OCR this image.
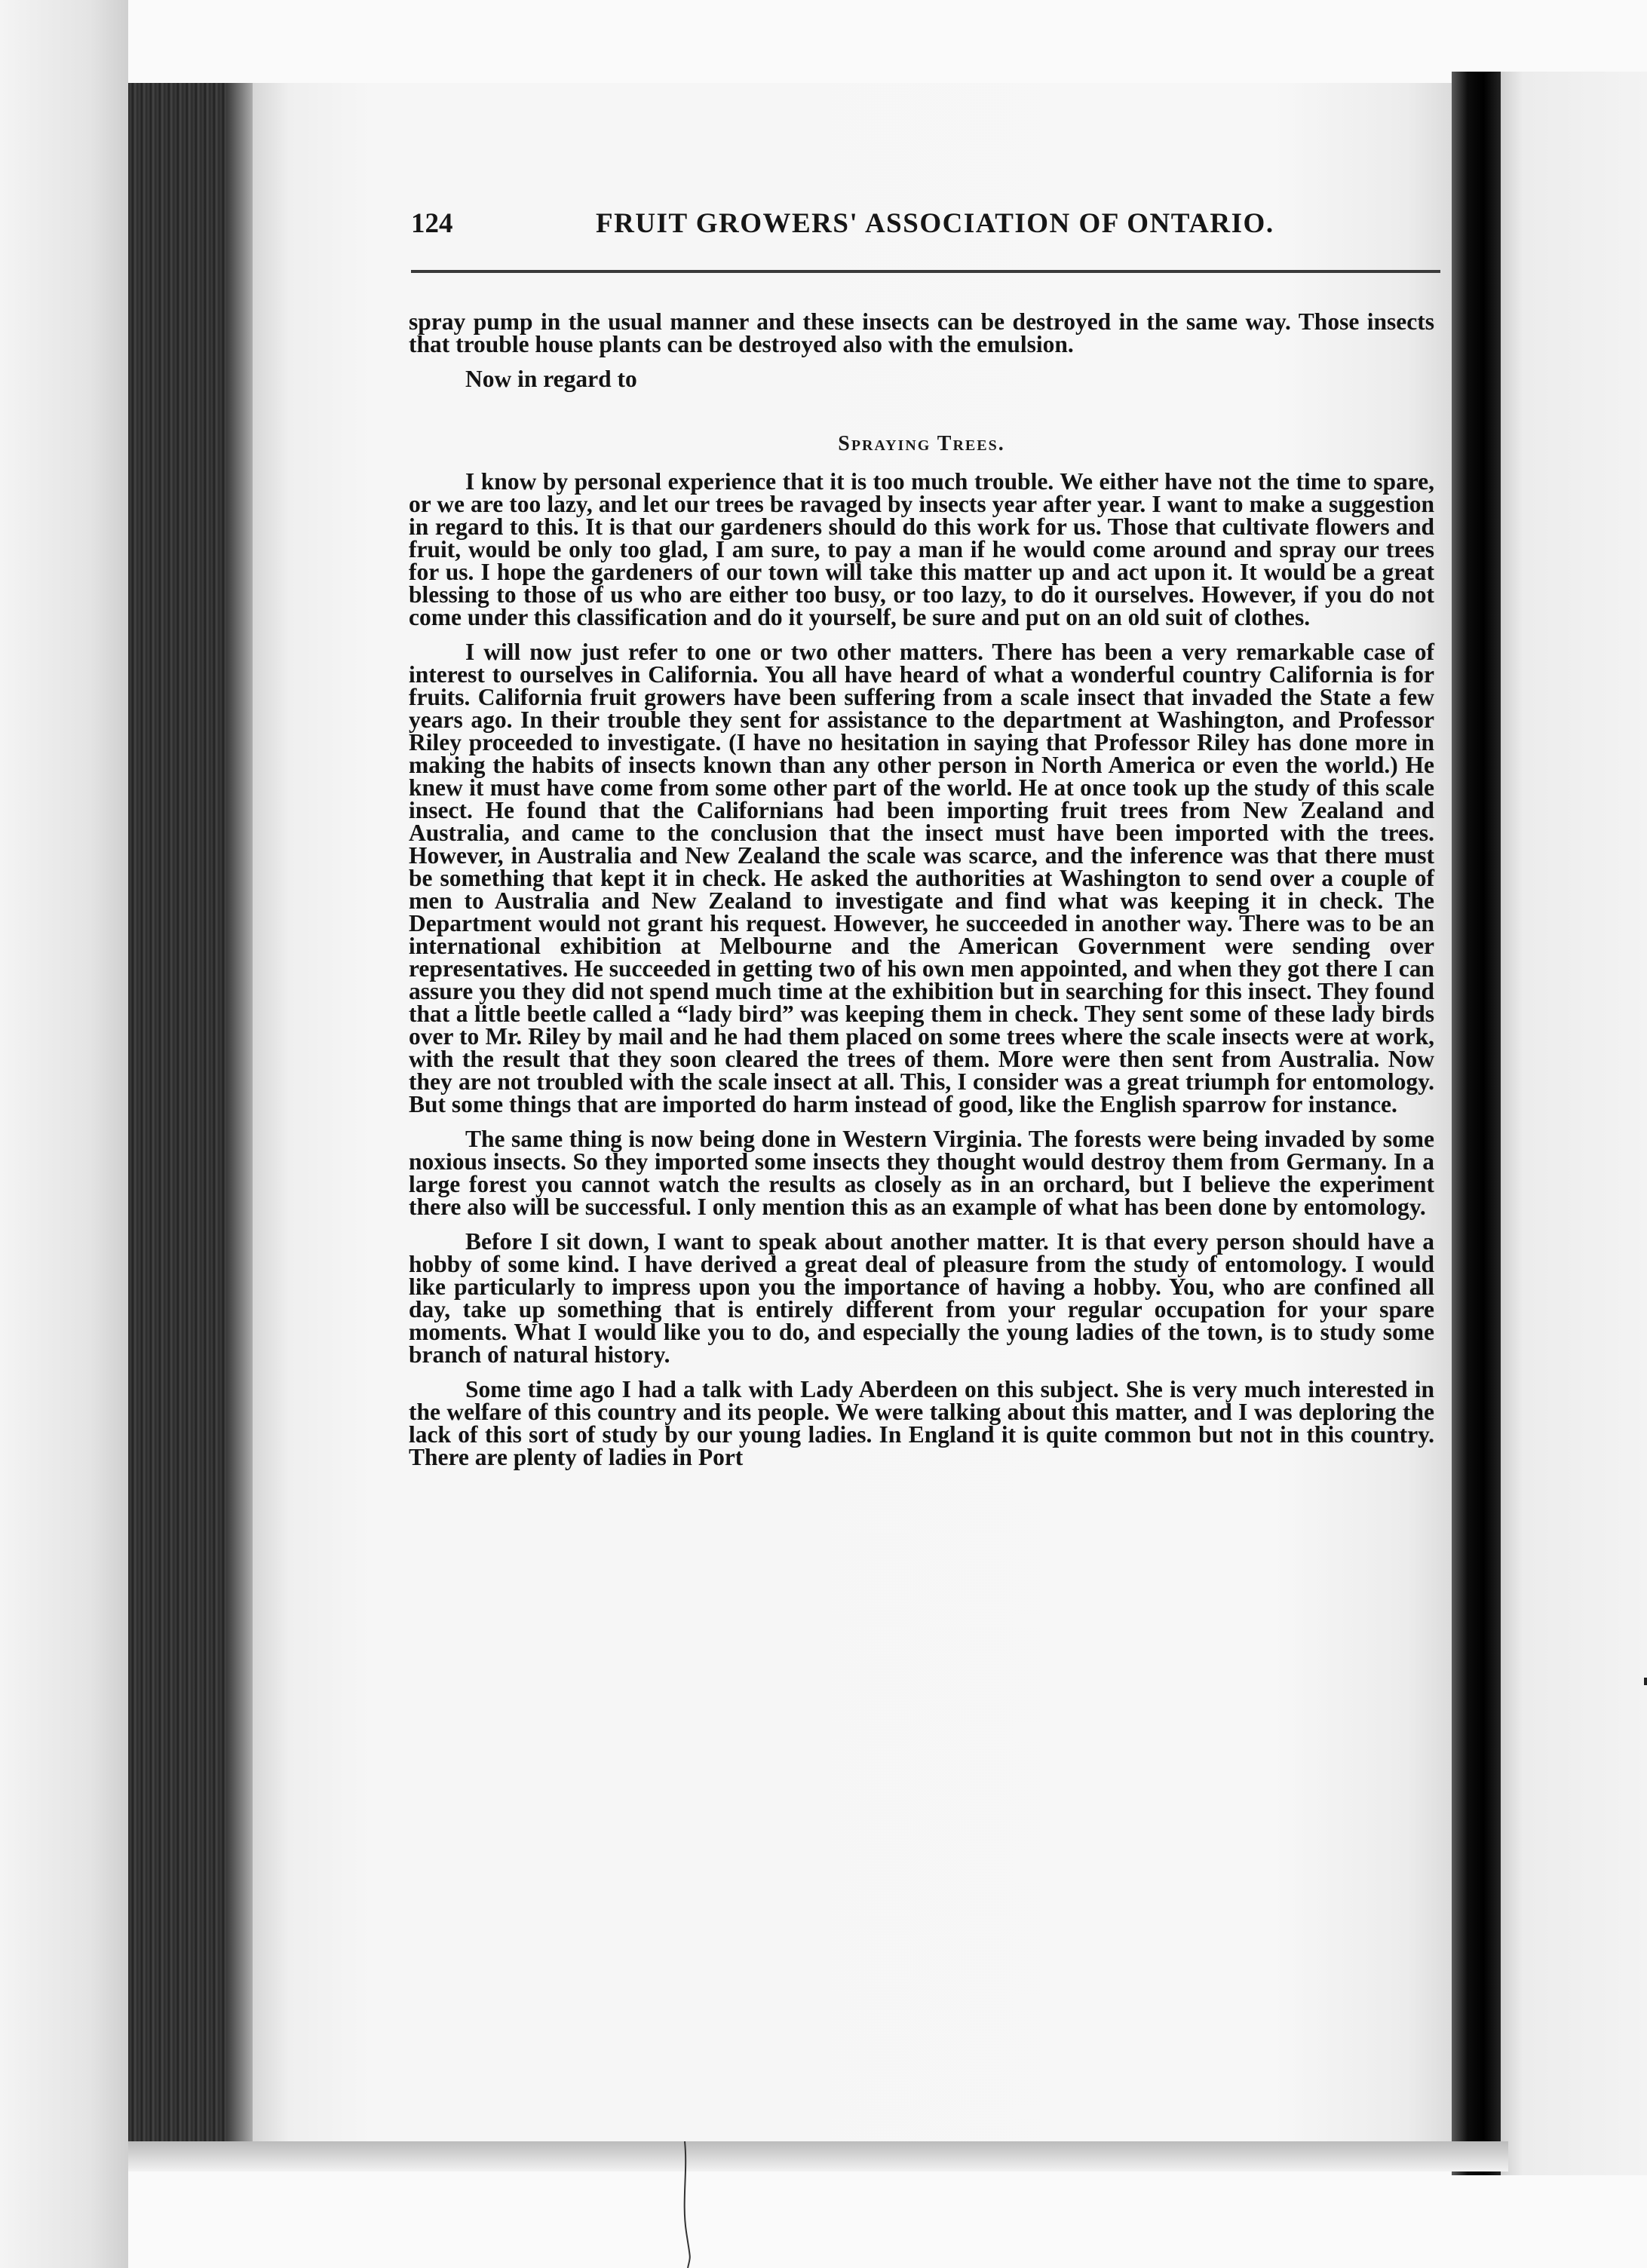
124	FRUIT GROWERS' ASSOCIATION OF ONTARIO.
Spraying Trees.

spray pump in the usual manner and these insects can be destroyed in the same way. Those insects that trouble house plants can be destroyed also with the emulsion.

Now in regard to

I know by personal experience that it is too much trouble. We either have not the time to spare, or we are too lazy, and let our trees be ravaged by insects year after year. I want to make a suggestion in regard to this. It is that our gardeners should do this work for us. Those that cultivate flowers and fruit, would be only too glad, I am sure, to pay a man if he would come around and spray our trees for us. I hope the gardeners of our town will take this matter up and act upon it. It would be a great blessing to those of us who are either too busy, or too lazy, to do it ourselves. However, if you do not come under this classification and do it yourself, be sure and put on an old suit of clothes.

I will now just refer to one or two other matters. There has been a very remarkable case of interest to ourselves in California. You all have heard of what a wonderful country California is for fruits. California fruit growers have been suffering from a scale insect that invaded the State a few years ago. In their trouble they sent for assistance to the department at Washington, and Professor Riley proceeded to investigate. (I have no hesitation in saying that Professor Riley has done more in making the habits of insects known than any other person in North America or even the world.) He knew it must have come from some other part of the world. He at once took up the study of this scale insect. He found that the Californians had been importing fruit trees from New Zealand and Australia, and came to the conclusion that the insect must have been imported with the trees. However, in Australia and New Zealand the scale was scarce, and the inference was that there must be something that kept it in check. He asked the authorities at Washington to send over a couple of men to Australia and New Zealand to investigate and find what was keeping it in check. The Department would not grant his request. However, he succeeded in another way. There was to be an international exhibition at Melbourne and the American Government were sending over representatives. He succeeded in getting two of his own men appointed, and when they got there I can assure you they did not spend much time at the exhibition but in searching for this insect. They found that a little beetle called a “lady bird” was keeping them in check. They sent some of these lady birds over to Mr. Riley by mail and he had them placed on some trees where the scale insects were at work, with the result that they soon cleared the trees of them. More were then sent from Australia. Now they are not troubled with the scale insect at all. This, I consider was a great triumph for entomology. But some things that are imported do harm instead of good, like the English sparrow for instance.

The same thing is now being done in Western Virginia. The forests were being invaded by some noxious insects. So they imported some insects they thought would destroy them from Germany. In a large forest you cannot watch the results as closely as in an orchard, but I believe the experiment there also will be successful. I only mention this as an example of what has been done by entomology.

Before I sit down, I want to speak about another matter. It is that every person should have a hobby of some kind. I have derived a great deal of pleasure from the study of entomology. I would like particularly to impress upon you the importance of having a hobby. You, who are confined all day, take up something that is entirely different from your regular occupation for your spare moments. What I would like you to do, and especially the young ladies of the town, is to study some branch of natural history.

Some time ago I had a talk with Lady Aberdeen on this subject. She is very much interested in the welfare of this country and its people. We were talking about this matter, and I was deploring the lack of this sort of study by our young ladies. In England it is quite common but not in this country. There are plenty of ladies in Port
